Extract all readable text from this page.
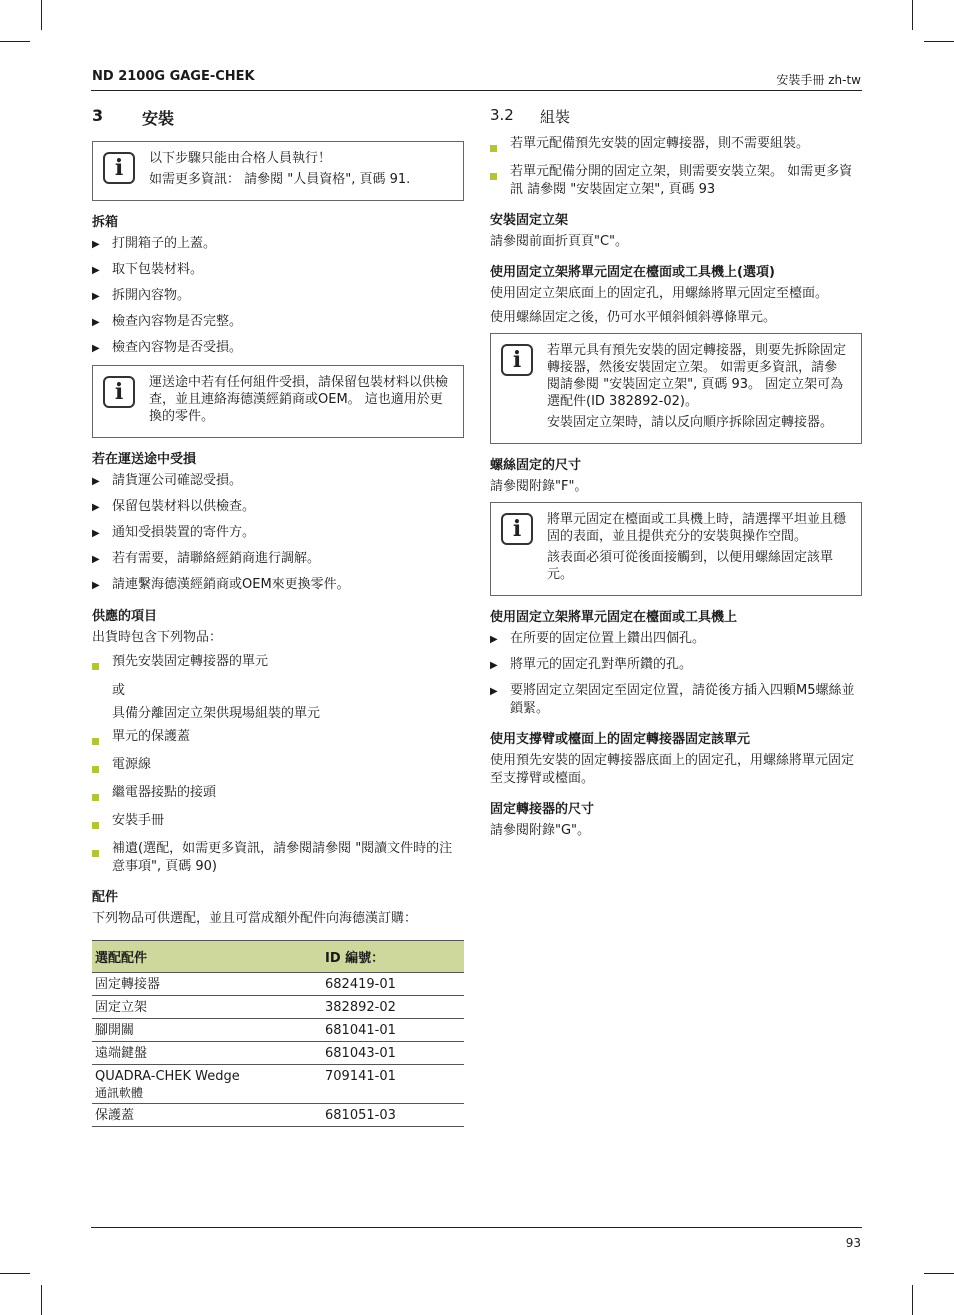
ND 2100G GAGE-CHEK	安裝手冊 zh-tw
3	安裝
i	以下步驟只能由合格人員執行！

如需更多資訊： 請參閱 "人員資格", 頁碼 91.

拆箱
▶ 打開箱子的上蓋。
▶ 取下包裝材料。
▶ 拆開內容物。
▶ 檢查內容物是否完整。
▶ 檢查內容物是否受損。
i	運送途中若有任何組件受損，請保留包裝材料以供檢查，並且連絡海德漢經銷商或OEM。 這也適用於更換的零件。

若在運送途中受損
▶ 請貨運公司確認受損。
▶ 保留包裝材料以供檢查。
▶ 通知受損裝置的寄件方。
▶ 若有需要，請聯絡經銷商進行調解。
▶ 請連繫海德漢經銷商或OEM來更換零件。
供應的項目

出貨時包含下列物品：

預先安裝固定轉接器的單元
或
具備分離固定立架供現場組裝的單元
單元的保護蓋
電源線
繼電器接點的接頭
安裝手冊
補遺(選配，如需更多資訊，請參閱請參閱 "閱讀文件時的注意事項", 頁碼 90)
配件

下列物品可供選配，並且可當成額外配件向海德漢訂購：

選配配件	ID 編號：
固定轉接器	682419-01
固定立架	382892-02
腳開關	681041-01
遠端鍵盤	681043-01

QUADRA-CHEK Wedge
通訊軟體	709141-01
保護蓋	681051-03
3.2	組裝
若單元配備預先安裝的固定轉接器，則不需要組裝。
若單元配備分開的固定立架，則需要安裝立架。 如需更多資訊 請參閱 "安裝固定立架", 頁碼 93
安裝固定立架

請參閱前面折頁頁"C"。

使用固定立架將單元固定在檯面或工具機上(選項)

使用固定立架底面上的固定孔，用螺絲將單元固定至檯面。

使用螺絲固定之後，仍可水平傾斜傾斜導條單元。

i	若單元具有預先安裝的固定轉接器，則要先拆除固定轉接器，然後安裝固定立架。 如需更多資訊，請參閱請參閱 "安裝固定立架", 頁碼 93。 固定立架可為選配件(ID 382892-02)。

安裝固定立架時，請以反向順序拆除固定轉接器。

螺絲固定的尺寸

請參閱附錄"F"。

i	將單元固定在檯面或工具機上時，請選擇平坦並且穩固的表面，並且提供充分的安裝與操作空間。

該表面必須可從後面接觸到，以便用螺絲固定該單元。

使用固定立架將單元固定在檯面或工具機上
▶ 在所要的固定位置上鑽出四個孔。
▶ 將單元的固定孔對準所鑽的孔。
▶ 要將固定立架固定至固定位置，請從後方插入四顆M5螺絲並鎖緊。
使用支撐臂或檯面上的固定轉接器固定該單元

使用預先安裝的固定轉接器底面上的固定孔，用螺絲將單元固定至支撐臂或檯面。

固定轉接器的尺寸

請參閱附錄"G"。

93
